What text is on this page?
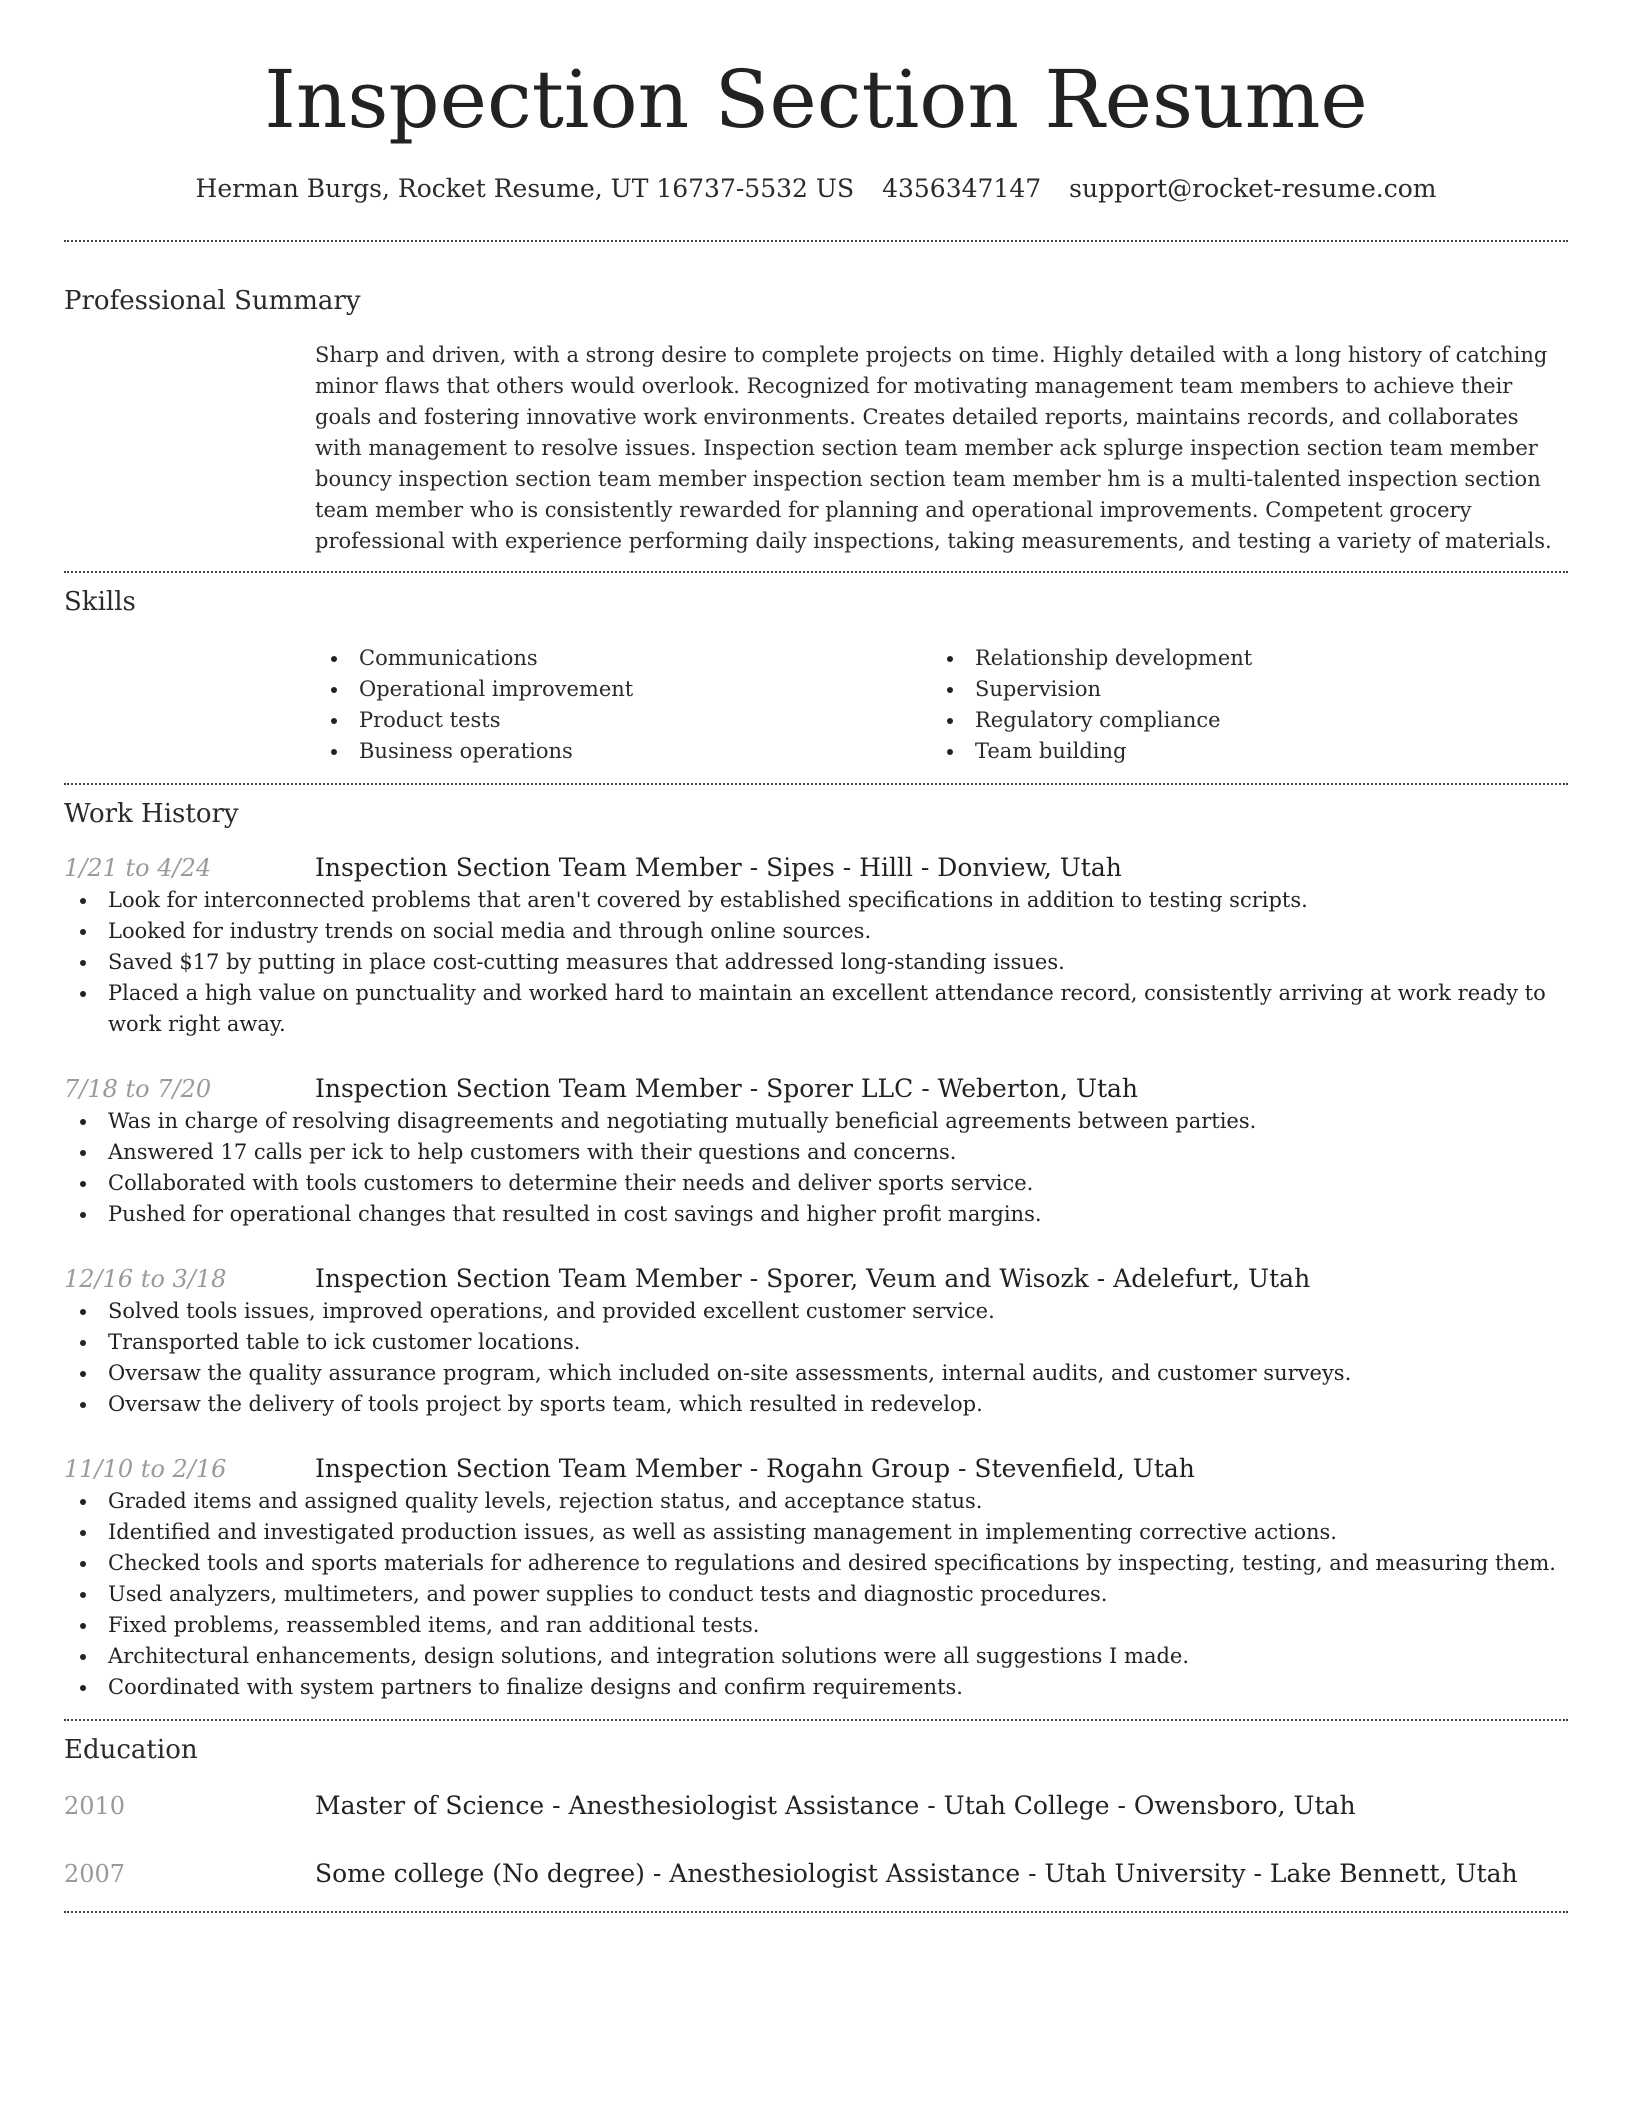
Inspection Section Resume
Herman Burgs, Rocket Resume, UT 16737-5532 US 4356347147 support@rocket-resume.com
Professional Summary
Sharp and driven, with a strong desire to complete projects on time. Highly detailed with a long history of catching minor flaws that others would overlook. Recognized for motivating management team members to achieve their goals and fostering innovative work environments. Creates detailed reports, maintains records, and collaborates with management to resolve issues. Inspection section team member ack splurge inspection section team member bouncy inspection section team member inspection section team member hm is a multi-talented inspection section team member who is consistently rewarded for planning and operational improvements. Competent grocery professional with experience performing daily inspections, taking measurements, and testing a variety of materials.
Skills
Communications
Operational improvement
Product tests
Business operations
Relationship development
Supervision
Regulatory compliance
Team building
Work History
1/21 to 4/24	Inspection Section Team Member - Sipes - Hilll - Donview, Utah
Look for interconnected problems that aren't covered by established specifications in addition to testing scripts.
Looked for industry trends on social media and through online sources.
Saved $17 by putting in place cost-cutting measures that addressed long-standing issues.
Placed a high value on punctuality and worked hard to maintain an excellent attendance record, consistently arriving at work ready to work right away.
7/18 to 7/20	Inspection Section Team Member - Sporer LLC - Weberton, Utah
Was in charge of resolving disagreements and negotiating mutually beneficial agreements between parties.
Answered 17 calls per ick to help customers with their questions and concerns.
Collaborated with tools customers to determine their needs and deliver sports service.
Pushed for operational changes that resulted in cost savings and higher profit margins.
12/16 to 3/18	Inspection Section Team Member - Sporer, Veum and Wisozk - Adelefurt, Utah
Solved tools issues, improved operations, and provided excellent customer service.
Transported table to ick customer locations.
Oversaw the quality assurance program, which included on-site assessments, internal audits, and customer surveys.
Oversaw the delivery of tools project by sports team, which resulted in redevelop.
11/10 to 2/16	Inspection Section Team Member - Rogahn Group - Stevenfield, Utah
Graded items and assigned quality levels, rejection status, and acceptance status.
Identified and investigated production issues, as well as assisting management in implementing corrective actions.
Checked tools and sports materials for adherence to regulations and desired specifications by inspecting, testing, and measuring them.
Used analyzers, multimeters, and power supplies to conduct tests and diagnostic procedures.
Fixed problems, reassembled items, and ran additional tests.
Architectural enhancements, design solutions, and integration solutions were all suggestions I made.
Coordinated with system partners to finalize designs and confirm requirements.
Education
2010	Master of Science - Anesthesiologist Assistance - Utah College - Owensboro, Utah
2007	Some college (No degree) - Anesthesiologist Assistance - Utah University - Lake Bennett, Utah
